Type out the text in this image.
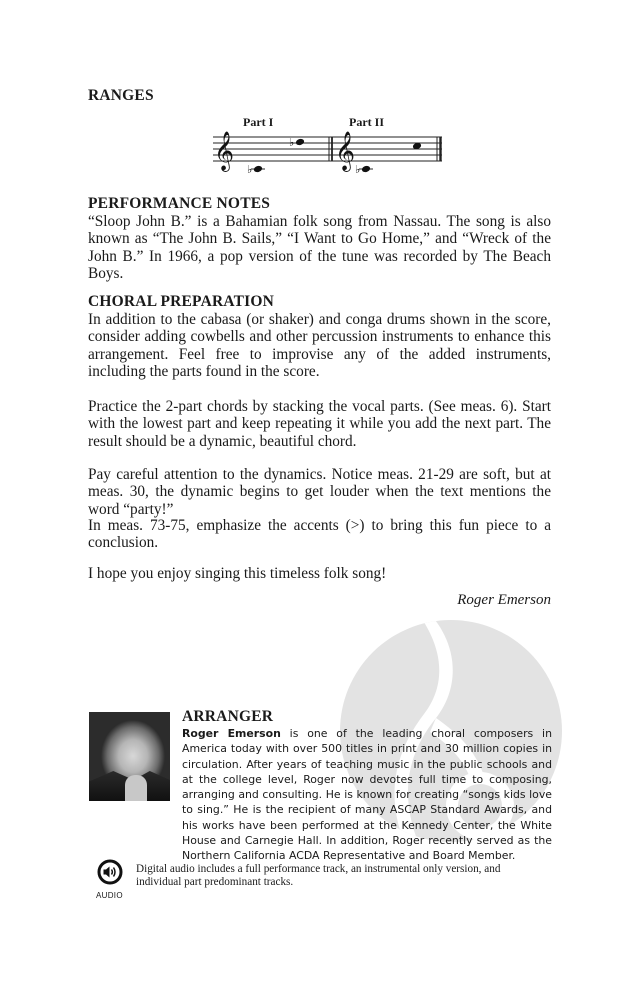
RANGES
Part I	Part II
𝄞	𝄞
♭
♭
♭
PERFORMANCE NOTES

“Sloop John B.” is a Bahamian folk song from Nassau. The song is also known as “The John B. Sails,” “I Want to Go Home,” and “Wreck of the John B.” In 1966, a pop version of the tune was recorded by The Beach Boys.

CHORAL PREPARATION

In addition to the cabasa (or shaker) and conga drums shown in the score, consider adding cowbells and other percussion instruments to enhance this arrangement. Feel free to improvise any of the added instruments, including the parts found in the score.

Practice the 2-part chords by stacking the vocal parts. (See meas. 6). Start with the lowest part and keep repeating it while you add the next part. The result should be a dynamic, beautiful chord.

Pay careful attention to the dynamics. Notice meas. 21-29 are soft, but at meas. 30, the dynamic begins to get louder when the text mentions the word “party!”

In meas. 73-75, emphasize the accents (>) to bring this fun piece to a conclusion.

I hope you enjoy singing this timeless folk song!

Roger Emerson
ARRANGER

Roger Emerson is one of the leading choral composers in America today with over 500 titles in print and 30 million copies in circulation. After years of teaching music in the public schools and at the college level, Roger now devotes full time to composing, arranging and consulting. He is known for creating “songs kids love to sing.” He is the recipient of many ASCAP Standard Awards, and his works have been performed at the Kennedy Center, the White House and Carnegie Hall. In addition, Roger recently served as the Northern California ACDA Representative and Board Member.

AUDIO

Digital audio includes a full performance track, an instrumental only version, and individual part predominant tracks.
